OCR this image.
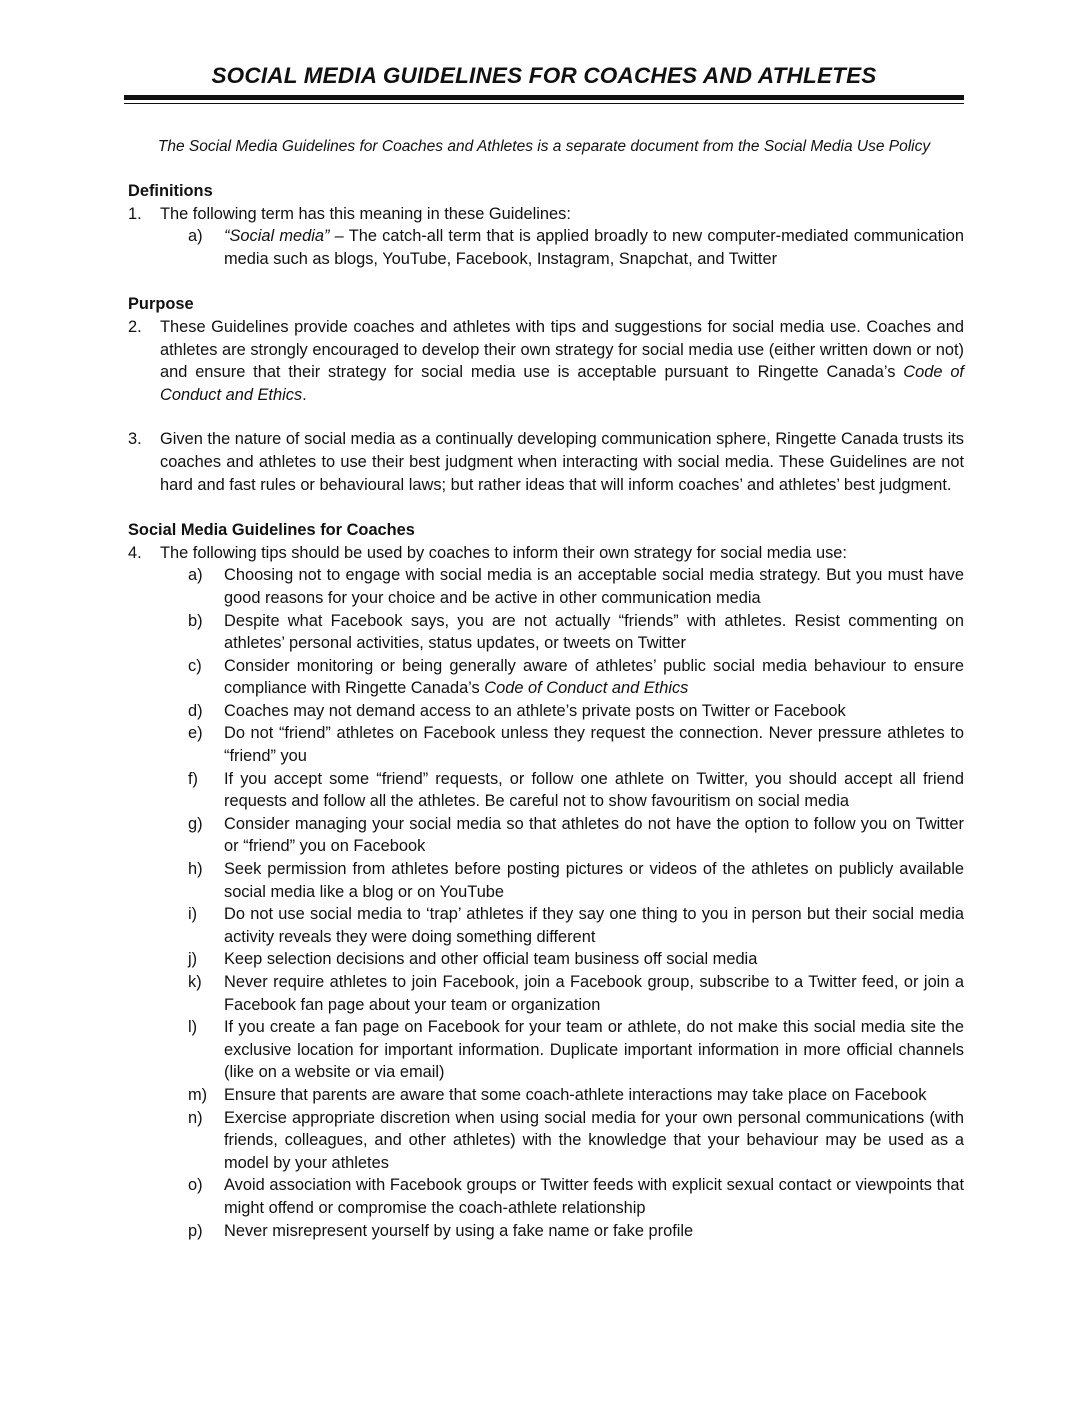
SOCIAL MEDIA GUIDELINES FOR COACHES AND ATHLETES
The Social Media Guidelines for Coaches and Athletes is a separate document from the Social Media Use Policy

Definitions

1.	The following term has this meaning in these Guidelines:
a)	“Social media” – The catch-all term that is applied broadly to new computer-mediated communication media such as blogs, YouTube, Facebook, Instagram, Snapchat, and Twitter

Purpose

2.	These Guidelines provide coaches and athletes with tips and suggestions for social media use. Coaches and athletes are strongly encouraged to develop their own strategy for social media use (either written down or not) and ensure that their strategy for social media use is acceptable pursuant to Ringette Canada’s Code of Conduct and Ethics.
3.	Given the nature of social media as a continually developing communication sphere, Ringette Canada trusts its coaches and athletes to use their best judgment when interacting with social media. These Guidelines are not hard and fast rules or behavioural laws; but rather ideas that will inform coaches’ and athletes’ best judgment.

Social Media Guidelines for Coaches

4.	The following tips should be used by coaches to inform their own strategy for social media use:
a)	Choosing not to engage with social media is an acceptable social media strategy. But you must have good reasons for your choice and be active in other communication media
b)	Despite what Facebook says, you are not actually “friends” with athletes. Resist commenting on athletes’ personal activities, status updates, or tweets on Twitter
c)	Consider monitoring or being generally aware of athletes’ public social media behaviour to ensure compliance with Ringette Canada’s Code of Conduct and Ethics
d)	Coaches may not demand access to an athlete’s private posts on Twitter or Facebook
e)	Do not “friend” athletes on Facebook unless they request the connection. Never pressure athletes to “friend” you
f)	If you accept some “friend” requests, or follow one athlete on Twitter, you should accept all friend requests and follow all the athletes. Be careful not to show favouritism on social media
g)	Consider managing your social media so that athletes do not have the option to follow you on Twitter or “friend” you on Facebook
h)	Seek permission from athletes before posting pictures or videos of the athletes on publicly available social media like a blog or on YouTube
i)	Do not use social media to ‘trap’ athletes if they say one thing to you in person but their social media activity reveals they were doing something different
j)	Keep selection decisions and other official team business off social media
k)	Never require athletes to join Facebook, join a Facebook group, subscribe to a Twitter feed, or join a Facebook fan page about your team or organization
l)	If you create a fan page on Facebook for your team or athlete, do not make this social media site the exclusive location for important information. Duplicate important information in more official channels (like on a website or via email)
m)	Ensure that parents are aware that some coach-athlete interactions may take place on Facebook
n)	Exercise appropriate discretion when using social media for your own personal communications (with friends, colleagues, and other athletes) with the knowledge that your behaviour may be used as a model by your athletes
o)	Avoid association with Facebook groups or Twitter feeds with explicit sexual contact or viewpoints that might offend or compromise the coach-athlete relationship
p)	Never misrepresent yourself by using a fake name or fake profile
